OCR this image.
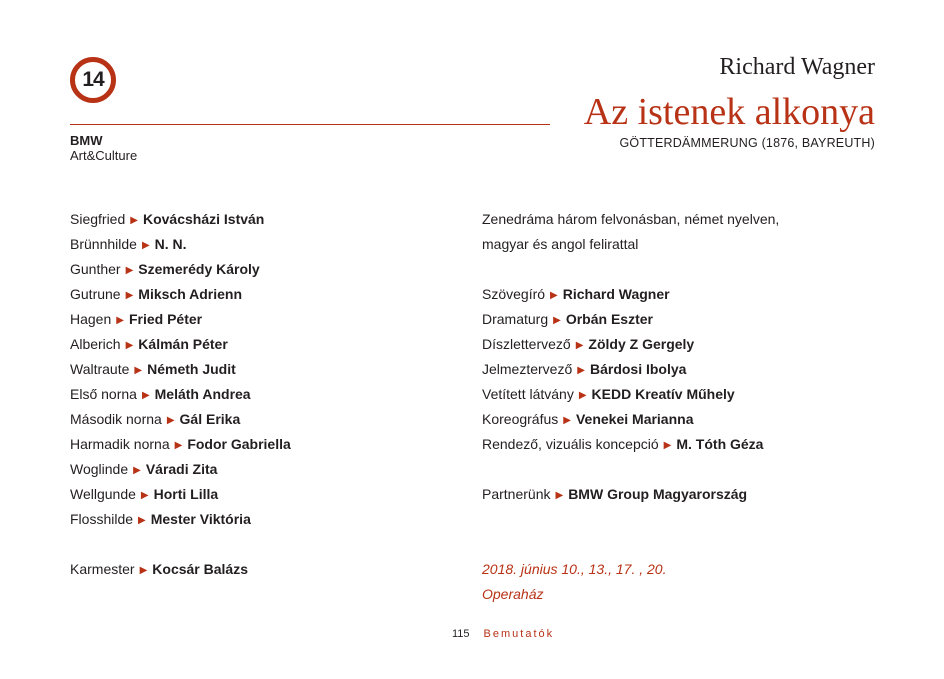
14
BMW
Art&Culture
Richard Wagner
Az istenek alkonya
GÖTTERDÄMMERUNG (1876, BAYREUTH)
Siegfried ▶ Kovácsházi István
Brünnhilde ▶ N. N.
Gunther ▶ Szemerédy Károly
Gutrune ▶ Miksch Adrienn
Hagen ▶ Fried Péter
Alberich ▶ Kálmán Péter
Waltraute ▶ Németh Judit
Első norna ▶ Meláth Andrea
Második norna ▶ Gál Erika
Harmadik norna ▶ Fodor Gabriella
Woglinde ▶ Váradi Zita
Wellgunde ▶ Horti Lilla
Flosshilde ▶ Mester Viktória
Karmester ▶ Kocsár Balázs
Zenedráma három felvonásban, német nyelven,
magyar és angol felirattal
Szövegíró ▶ Richard Wagner
Dramaturg ▶ Orbán Eszter
Díszlettervező ▶ Zöldy Z Gergely
Jelmeztervező ▶ Bárdosi Ibolya
Vetített látvány ▶ KEDD Kreatív Műhely
Koreográfus ▶ Venekei Marianna
Rendező, vizuális koncepció ▶ M. Tóth Géza
Partnerünk ▶ BMW Group Magyarország
2018. június 10., 13., 17. , 20.
Operaház
115 Bemutatók
